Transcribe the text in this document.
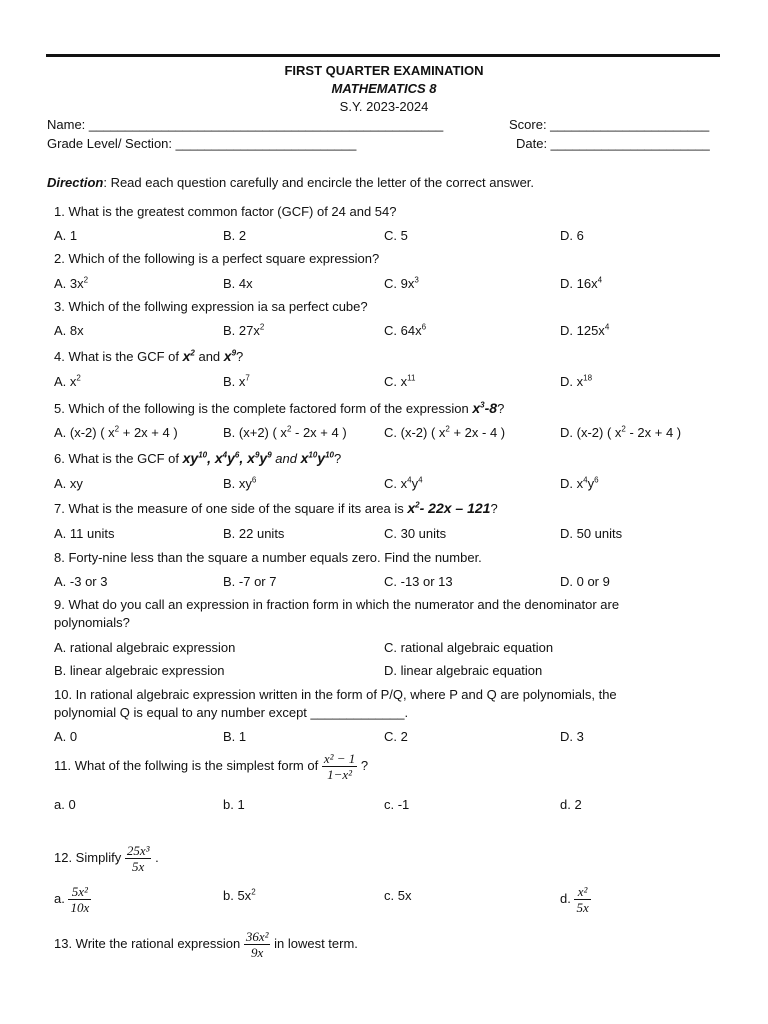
FIRST QUARTER EXAMINATION
MATHEMATICS 8
S.Y. 2023-2024
Name: _________________________________________________	Score: ______________________
Grade Level/ Section: _________________________	Date: ______________________
Direction: Read each question carefully and encircle the letter of the correct answer.
1. What is the greatest common factor (GCF) of 24 and 54?
A. 1	B. 2	C. 5	D. 6
2. Which of the following is a perfect square expression?
A. $3x^2$	B. 4x	C. $9x^3$	D. $16x^4$
3. Which of the follwing expression ia sa perfect cube?
A. 8x	B. $27x^2$	C. $64x^6$	D. $125x^4$
4. What is the GCF of $x^2$ and $x^9$?
A. $x^2$	B. $x^7$	C. $x^{11}$	D. $x^{18}$
5. Which of the following is the complete factored form of the expression $x^3-8$?
A. (x-2) ( $x^2 + 2x + 4$ )	B. (x+2) ( $x^2 - 2x + 4$ )	C. (x-2) ( $x^2 + 2x - 4$ )	D. (x-2) ( $x^2 - 2x + 4$ )
6. What is the GCF of $xy^{10}$, $x^4y^6$, $x^9y^9$ and $x^{10}y^{10}$?
A. xy	B. $xy^6$	C. $x^4y^4$	D. $x^4y^6$
7. What is the measure of one side of the square if its area is $x^2-$ 22x – 121?
A. 11 units	B. 22 units	C. 30 units	D. 50 units
8. Forty-nine less than the square a number equals zero. Find the number.
A. -3 or 3	B. -7 or 7	C. -13 or 13	D. 0 or 9
9. What do you call an expression in fraction form in which the numerator and the denominator are
polynomials?
A. rational algebraic expression	C. rational algebraic equation
B. linear algebraic expression	D. linear algebraic equation
10. In rational algebraic expression written in the form of P/Q, where P and Q are polynomials, the
polynomial Q is equal to any number except _____________.
A. 0	B. 1	C. 2	D. 3
11. What of the follwing is the simplest form of $\frac{\text{x² − 1}}{\text{1−x²}}$ ?
a. 0	b. 1	c. -1	d. 2
12. Simplify $\frac{\text{25x³}}{5x}$ .
a. $\frac{\text{5x²}}{10x}$	b. $5x^2$	c. 5x	d. $\frac{\text{x²}}{5x}$
13. Write the rational expression $\frac{\text{36x²}}{9x}$ in lowest term.
